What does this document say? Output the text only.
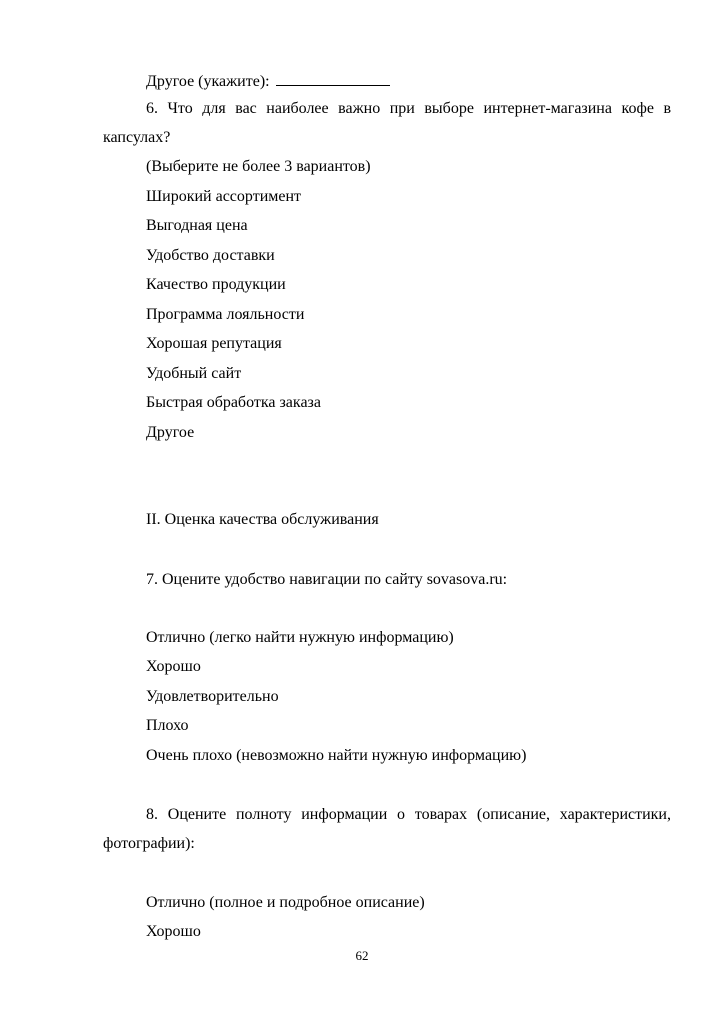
Другое (укажите):
6. Что для вас наиболее важно при выборе интернет-магазина кофе в
капсулах?
(Выберите не более 3 вариантов)
Широкий ассортимент
Выгодная цена
Удобство доставки
Качество продукции
Программа лояльности
Хорошая репутация
Удобный сайт
Быстрая обработка заказа
Другое
II. Оценка качества обслуживания
7. Оцените удобство навигации по сайту sovasova.ru:
Отлично (легко найти нужную информацию)
Хорошо
Удовлетворительно
Плохо
Очень плохо (невозможно найти нужную информацию)
8. Оцените полноту информации о товарах (описание, характеристики,
фотографии):
Отлично (полное и подробное описание)
Хорошо
62
